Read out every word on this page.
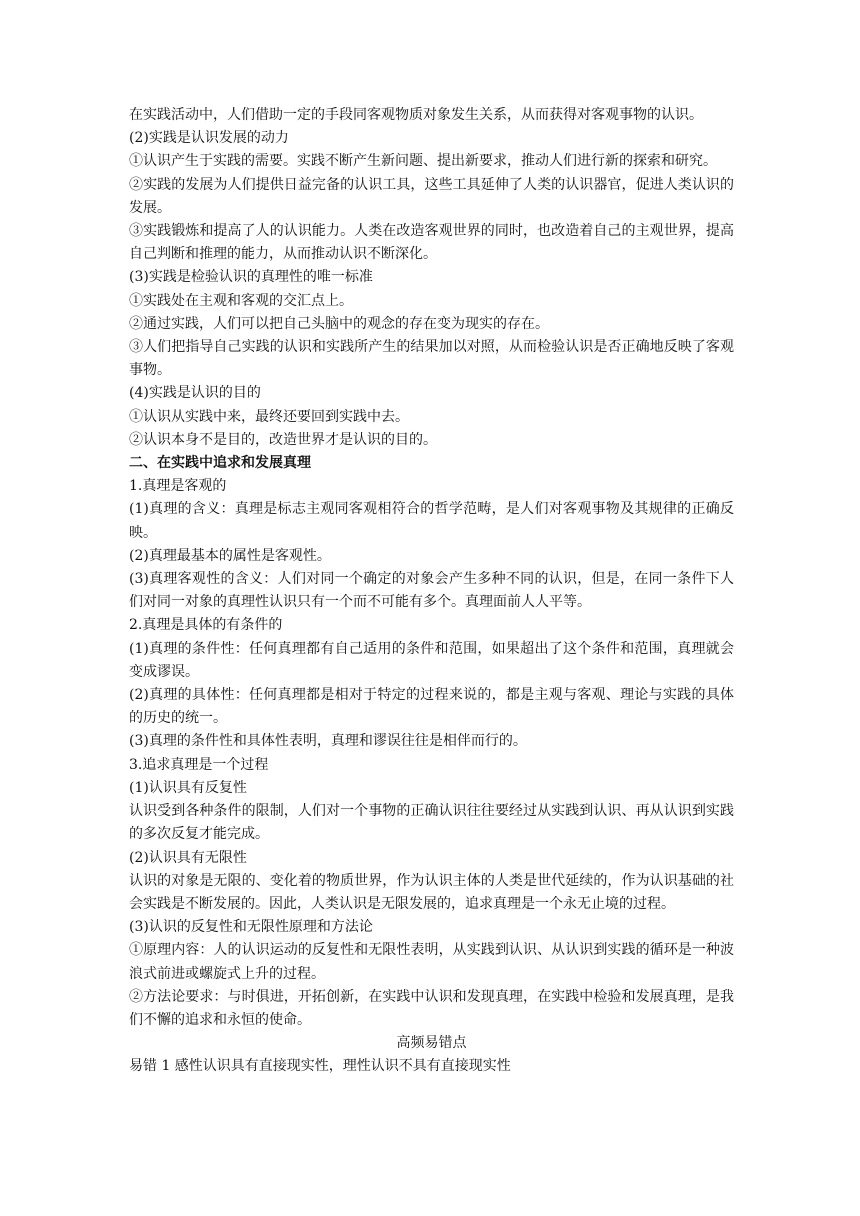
在实践活动中，人们借助一定的手段同客观物质对象发生关系，从而获得对客观事物的认识。

(2)实践是认识发展的动力

①认识产生于实践的需要。实践不断产生新问题、提出新要求，推动人们进行新的探索和研究。

②实践的发展为人们提供日益完备的认识工具，这些工具延伸了人类的认识器官，促进人类认识的发展。

③实践锻炼和提高了人的认识能力。人类在改造客观世界的同时，也改造着自己的主观世界，提高自己判断和推理的能力，从而推动认识不断深化。

(3)实践是检验认识的真理性的唯一标准

①实践处在主观和客观的交汇点上。

②通过实践，人们可以把自己头脑中的观念的存在变为现实的存在。

③人们把指导自己实践的认识和实践所产生的结果加以对照，从而检验认识是否正确地反映了客观事物。

(4)实践是认识的目的

①认识从实践中来，最终还要回到实践中去。

②认识本身不是目的，改造世界才是认识的目的。

二、在实践中追求和发展真理

1.真理是客观的

(1)真理的含义：真理是标志主观同客观相符合的哲学范畴，是人们对客观事物及其规律的正确反映。

(2)真理最基本的属性是客观性。

(3)真理客观性的含义：人们对同一个确定的对象会产生多种不同的认识，但是，在同一条件下人们对同一对象的真理性认识只有一个而不可能有多个。真理面前人人平等。

2.真理是具体的有条件的

(1)真理的条件性：任何真理都有自己适用的条件和范围，如果超出了这个条件和范围，真理就会变成谬误。

(2)真理的具体性：任何真理都是相对于特定的过程来说的，都是主观与客观、理论与实践的具体的历史的统一。

(3)真理的条件性和具体性表明，真理和谬误往往是相伴而行的。

3.追求真理是一个过程

(1)认识具有反复性

认识受到各种条件的限制，人们对一个事物的正确认识往往要经过从实践到认识、再从认识到实践的多次反复才能完成。

(2)认识具有无限性

认识的对象是无限的、变化着的物质世界，作为认识主体的人类是世代延续的，作为认识基础的社会实践是不断发展的。因此，人类认识是无限发展的，追求真理是一个永无止境的过程。

(3)认识的反复性和无限性原理和方法论

①原理内容：人的认识运动的反复性和无限性表明，从实践到认识、从认识到实践的循环是一种波浪式前进或螺旋式上升的过程。

②方法论要求：与时俱进，开拓创新，在实践中认识和发现真理，在实践中检验和发展真理，是我们不懈的追求和永恒的使命。

高频易错点

易错 1 感性认识具有直接现实性，理性认识不具有直接现实性
